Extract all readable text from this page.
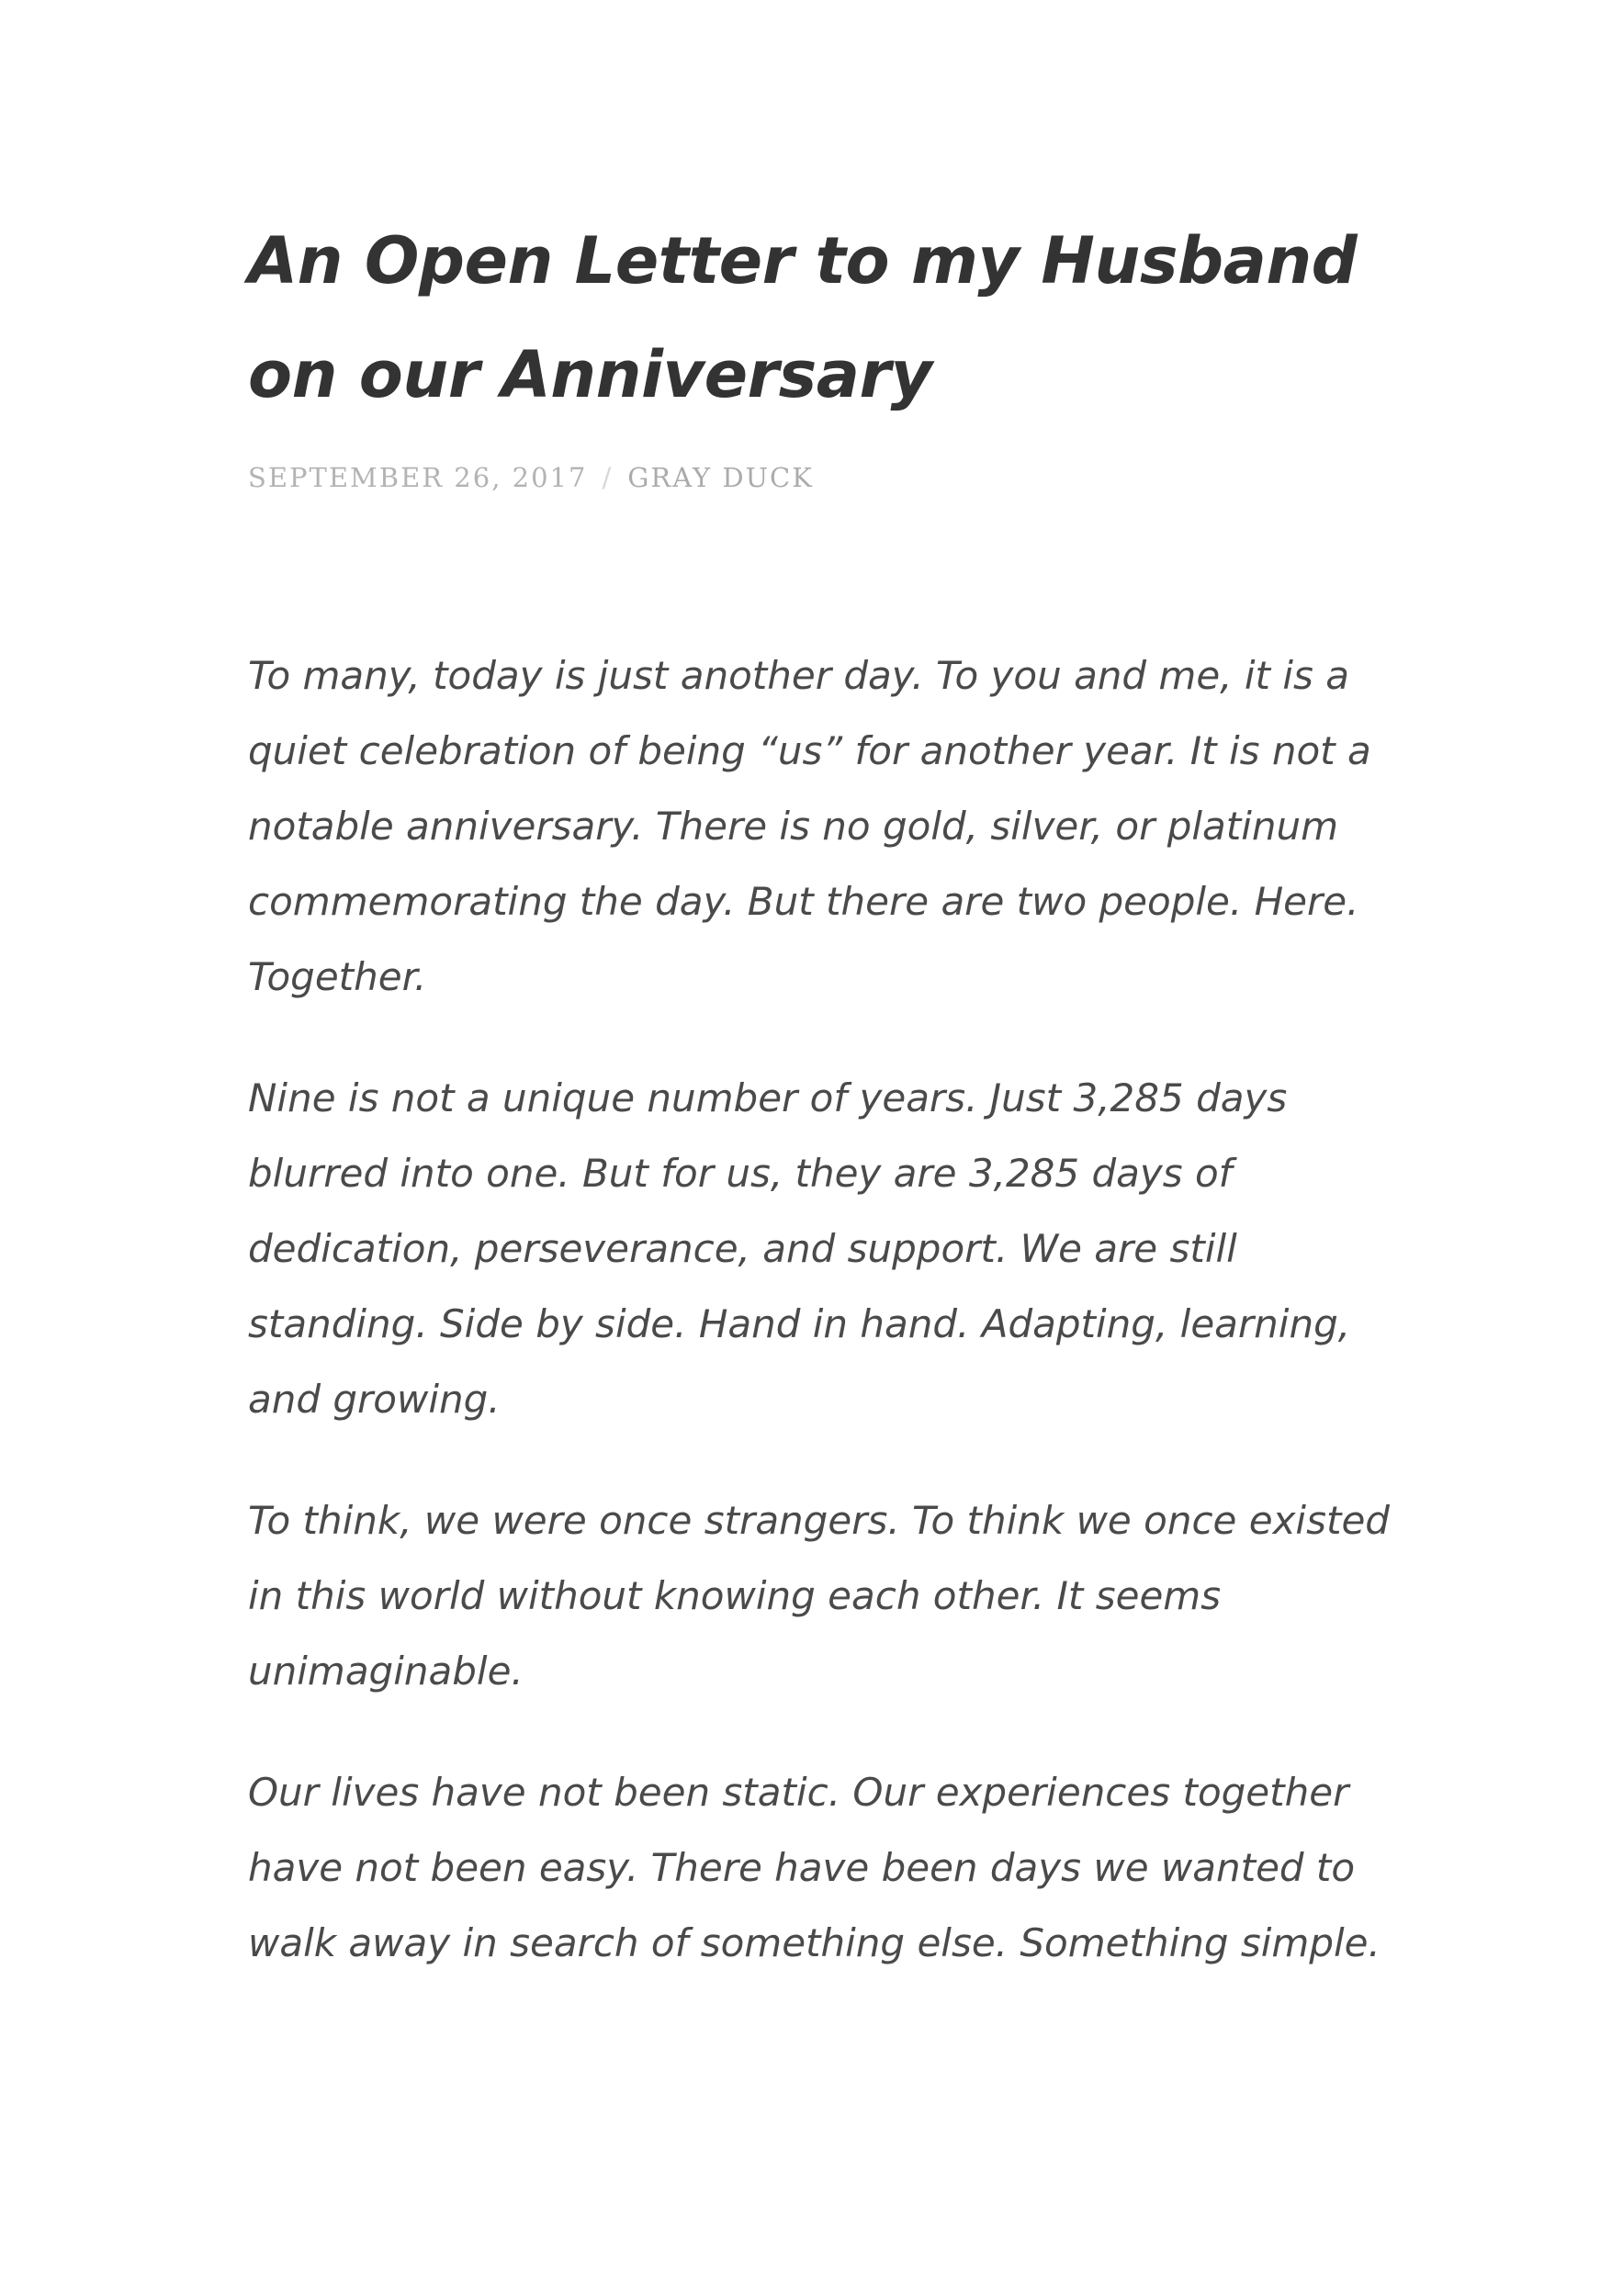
An Open Letter to my Husband on our Anniversary
SEPTEMBER 26, 2017 / GRAY DUCK

To many, today is just another day. To you and me, it is a quiet celebration of being “us” for another year. It is not a notable anniversary. There is no gold, silver, or platinum commemorating the day. But there are two people. Here. Together.

Nine is not a unique number of years. Just 3,285 days blurred into one. But for us, they are 3,285 days of dedication, perseverance, and support. We are still standing. Side by side. Hand in hand. Adapting, learning, and growing.

To think, we were once strangers. To think we once existed in this world without knowing each other. It seems unimaginable.

Our lives have not been static. Our experiences together have not been easy. There have been days we wanted to walk away in search of something else. Something simple.
